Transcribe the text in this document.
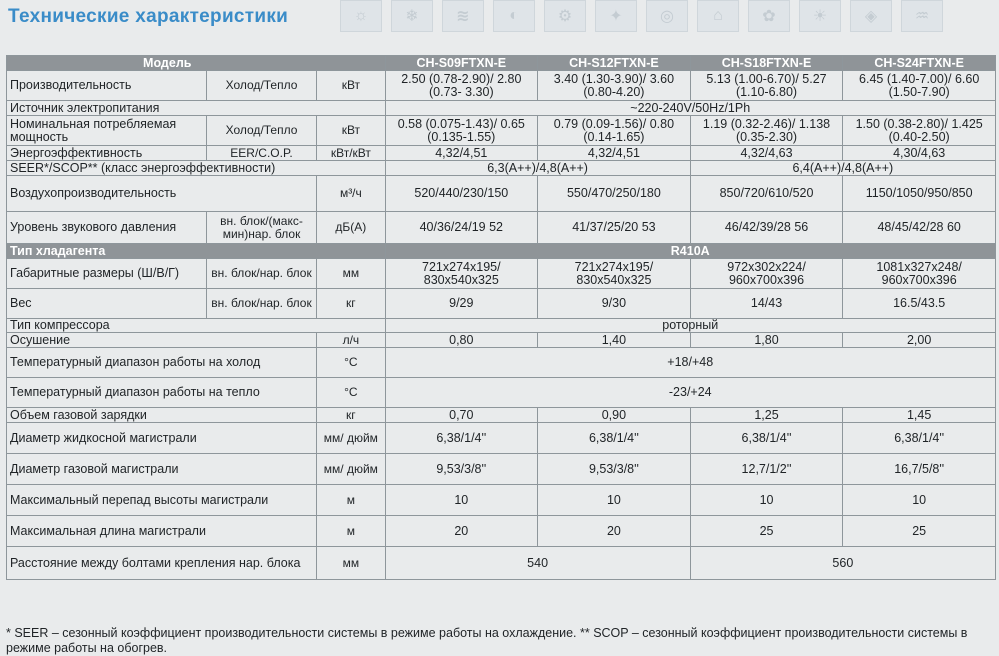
Технические характеристики	☼	❄	≋	◐	⚙	✦	◎	⌂	✿	☀	◈	♒
Модель			CH-S09FTXN-E	CH-S12FTXN-E	CH-S18FTXN-E	CH-S24FTXN-E
Производительность	Холод/Тепло	кВт	2.50 (0.78-2.90)/ 2.80 (0.73- 3.30)	3.40 (1.30-3.90)/ 3.60 (0.80-4.20)	5.13 (1.00-6.70)/ 5.27 (1.10-6.80)	6.45 (1.40-7.00)/ 6.60 (1.50-7.90)
Источник электропитания			~220-240V/50Hz/1Ph			
Номинальная потребляемая мощность	Холод/Тепло	кВт	0.58 (0.075-1.43)/ 0.65 (0.135-1.55)	0.79 (0.09-1.56)/ 0.80 (0.14-1.65)	1.19 (0.32-2.46)/ 1.138 (0.35-2.30)	1.50 (0.38-2.80)/ 1.425 (0.40-2.50)
Энергоэффективность	EER/C.O.P.	кВт/кВт	4,32/4,51	4,32/4,51	4,32/4,63	4,30/4,63
SEER*/SCOP** (класс энергоэффективности)			6,3(A++)/4,8(A++)		6,4(A++)/4,8(A++)	
Воздухопроизводительность		м³/ч	520/440/230/150	550/470/250/180	850/720/610/520	1150/1050/950/850
Уровень звукового давления	вн. блок/(макс-мин)нар. блок	дБ(А)	40/36/24/19 52	41/37/25/20 53	46/42/39/28 56	48/45/42/28 60
Тип хладагента			R410A			
Габаритные размеры (Ш/В/Г)	вн. блок/нар. блок	мм	721x274x195/ 830x540x325	721x274x195/ 830x540x325	972x302x224/ 960x700x396	1081x327x248/ 960x700x396
Вес	вн. блок/нар. блок	кг	9/29	9/30	14/43	16.5/43.5
Тип компрессора			роторный			
Осушение		л/ч	0,80	1,40	1,80	2,00
Температурный диапазон работы на холод		°С	+18/+48			
Температурный диапазон работы на тепло		°С	-23/+24			
Объем газовой зарядки		кг	0,70	0,90	1,25	1,45
Диаметр жидкосной магистрали		мм/ дюйм	6,38/1/4''	6,38/1/4''	6,38/1/4''	6,38/1/4''
Диаметр газовой магистрали		мм/ дюйм	9,53/3/8''	9,53/3/8''	12,7/1/2''	16,7/5/8''
Максимальный перепад высоты магистрали		м	10	10	10	10
Максимальная длина магистрали		м	20	20	25	25
Расстояние между болтами крепления нар. блока		мм	540		560	
* SEER – сезонный коэффициент производительности системы в режиме работы на охлаждение. ** SCOP – сезонный коэффициент производительности системы в режиме работы на обогрев.
